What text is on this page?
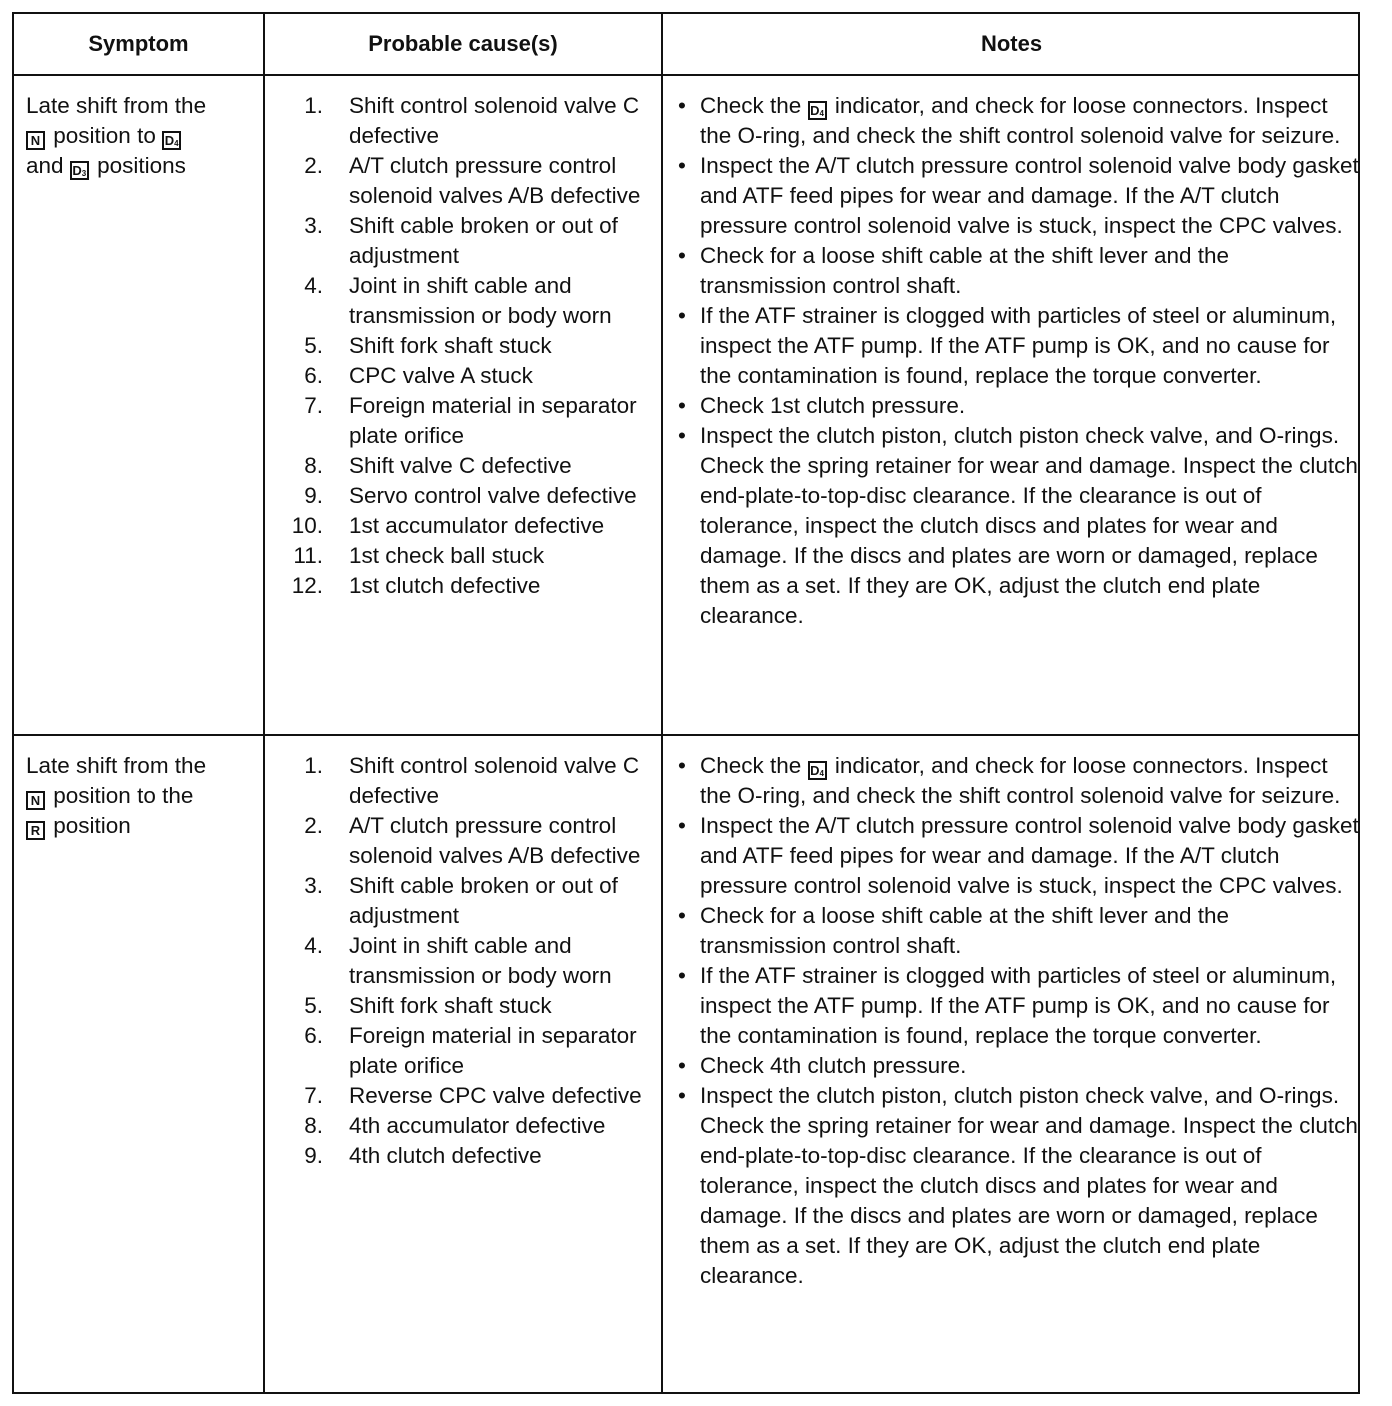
Symptom	Probable cause(s)	Notes
Late shift from the
N position to $D_4$
and $D_3$ positions
1. Shift control solenoid valve C defective
2. A/T clutch pressure control solenoid valves A/B defective
3. Shift cable broken or out of adjustment
4. Joint in shift cable and transmission or body worn
5. Shift fork shaft stuck
6. CPC valve A stuck
7. Foreign material in separator plate orifice
8. Shift valve C defective
9. Servo control valve defective
10. 1st accumulator defective
11. 1st check ball stuck
12. 1st clutch defective
• Check the $D_4$ indicator, and check for loose connectors. Inspect the O-ring, and check the shift control solenoid valve for seizure.
• Inspect the A/T clutch pressure control solenoid valve body gasket and ATF feed pipes for wear and damage. If the A/T clutch pressure control solenoid valve is stuck, inspect the CPC valves.
• Check for a loose shift cable at the shift lever and the transmission control shaft.
• If the ATF strainer is clogged with particles of steel or aluminum, inspect the ATF pump. If the ATF pump is OK, and no cause for the contamination is found, replace the torque converter.
• Check 1st clutch pressure.
• Inspect the clutch piston, clutch piston check valve, and O-rings. Check the spring retainer for wear and damage. Inspect the clutch end-plate-to-top-disc clearance. If the clearance is out of tolerance, inspect the clutch discs and plates for wear and damage. If the discs and plates are worn or damaged, replace them as a set. If they are OK, adjust the clutch end plate clearance.
Late shift from the
N position to the
R position
1. Shift control solenoid valve C defective
2. A/T clutch pressure control solenoid valves A/B defective
3. Shift cable broken or out of adjustment
4. Joint in shift cable and transmission or body worn
5. Shift fork shaft stuck
6. Foreign material in separator plate orifice
7. Reverse CPC valve defective
8. 4th accumulator defective
9. 4th clutch defective
• Check the $D_4$ indicator, and check for loose connectors. Inspect the O-ring, and check the shift control solenoid valve for seizure.
• Inspect the A/T clutch pressure control solenoid valve body gasket and ATF feed pipes for wear and damage. If the A/T clutch pressure control solenoid valve is stuck, inspect the CPC valves.
• Check for a loose shift cable at the shift lever and the transmission control shaft.
• If the ATF strainer is clogged with particles of steel or aluminum, inspect the ATF pump. If the ATF pump is OK, and no cause for the contamination is found, replace the torque converter.
• Check 4th clutch pressure.
• Inspect the clutch piston, clutch piston check valve, and O-rings. Check the spring retainer for wear and damage. Inspect the clutch end-plate-to-top-disc clearance. If the clearance is out of tolerance, inspect the clutch discs and plates for wear and damage. If the discs and plates are worn or damaged, replace them as a set. If they are OK, adjust the clutch end plate clearance.
